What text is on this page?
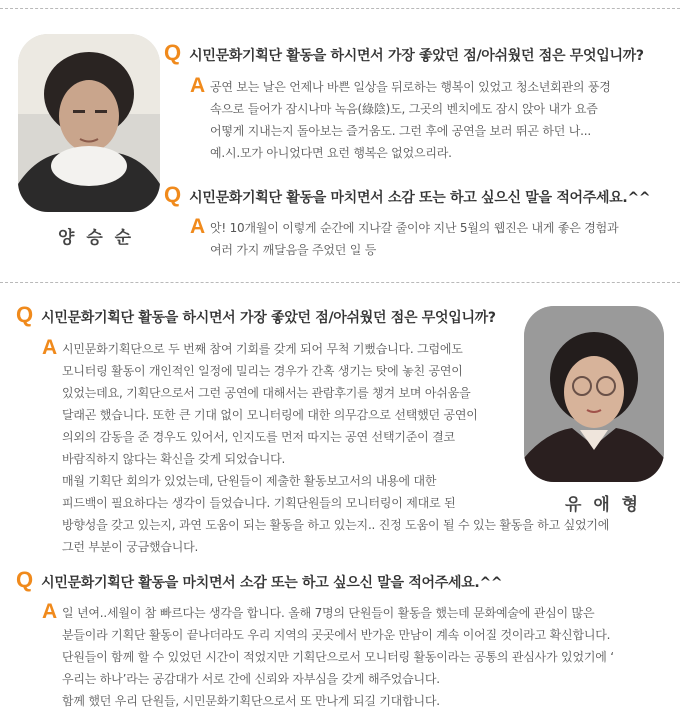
양 승 순
Q 시민문화기획단 활동을 하시면서 가장 좋았던 점/아쉬웠던 점은 무엇입니까?
A 공연 보는 날은 언제나 바쁜 일상을 뒤로하는 행복이 있었고 청소년회관의 풍경
속으로 들어가 잠시나마 녹음(綠陰)도, 그곳의 벤치에도 잠시 앉아 내가 요즘
어떻게 지내는지 돌아보는 즐거움도. 그런 후에 공연을 보러 뛰곤 하던 나...
예.시.모가 아니었다면 요런 행복은 없었으리라.
Q 시민문화기획단 활동을 마치면서 소감 또는 하고 싶으신 말을 적어주세요.^^
A 앗! 10개월이 이렇게 순간에 지나갈 줄이야 지난 5월의 웹진은 내게 좋은 경험과
여러 가지 깨달음을 주었던 일 등
Q 시민문화기획단 활동을 하시면서 가장 좋았던 점/아쉬웠던 점은 무엇입니까?
유 애 형
A 시민문화기획단으로 두 번째 참여 기회를 갖게 되어 무척 기뻤습니다. 그럼에도
모니터링 활동이 개인적인 일정에 밀리는 경우가 간혹 생기는 탓에 놓친 공연이
있었는데요, 기획단으로서 그런 공연에 대해서는 관람후기를 챙겨 보며 아쉬움을
달래곤 했습니다. 또한 큰 기대 없이 모니터링에 대한 의무감으로 선택했던 공연이
의외의 감동을 준 경우도 있어서, 인지도를 먼저 따지는 공연 선택기준이 결코
바람직하지 않다는 확신을 갖게 되었습니다.
매월 기획단 회의가 있었는데, 단원들이 제출한 활동보고서의 내용에 대한
피드백이 필요하다는 생각이 들었습니다. 기획단원들의 모니터링이 제대로 된
방향성을 갖고 있는지, 과연 도움이 되는 활동을 하고 있는지.. 진정 도움이 될 수 있는 활동을 하고 싶었기에
그런 부분이 궁금했습니다.
Q 시민문화기획단 활동을 마치면서 소감 또는 하고 싶으신 말을 적어주세요.^^
A 일 년여..세월이 참 빠르다는 생각을 합니다. 올해 7명의 단원들이 활동을 했는데 문화예술에 관심이 많은
분들이라 기획단 활동이 끝나더라도 우리 지역의 곳곳에서 반가운 만남이 계속 이어질 것이라고 확신합니다.
단원들이 함께 할 수 있었던 시간이 적었지만 기획단으로서 모니터링 활동이라는 공통의 관심사가 있었기에 ‘
우리는 하나’라는 공감대가 서로 간에 신뢰와 자부심을 갖게 해주었습니다.
함께 했던 우리 단원들, 시민문화기획단으로서 또 만나게 되길 기대합니다.
